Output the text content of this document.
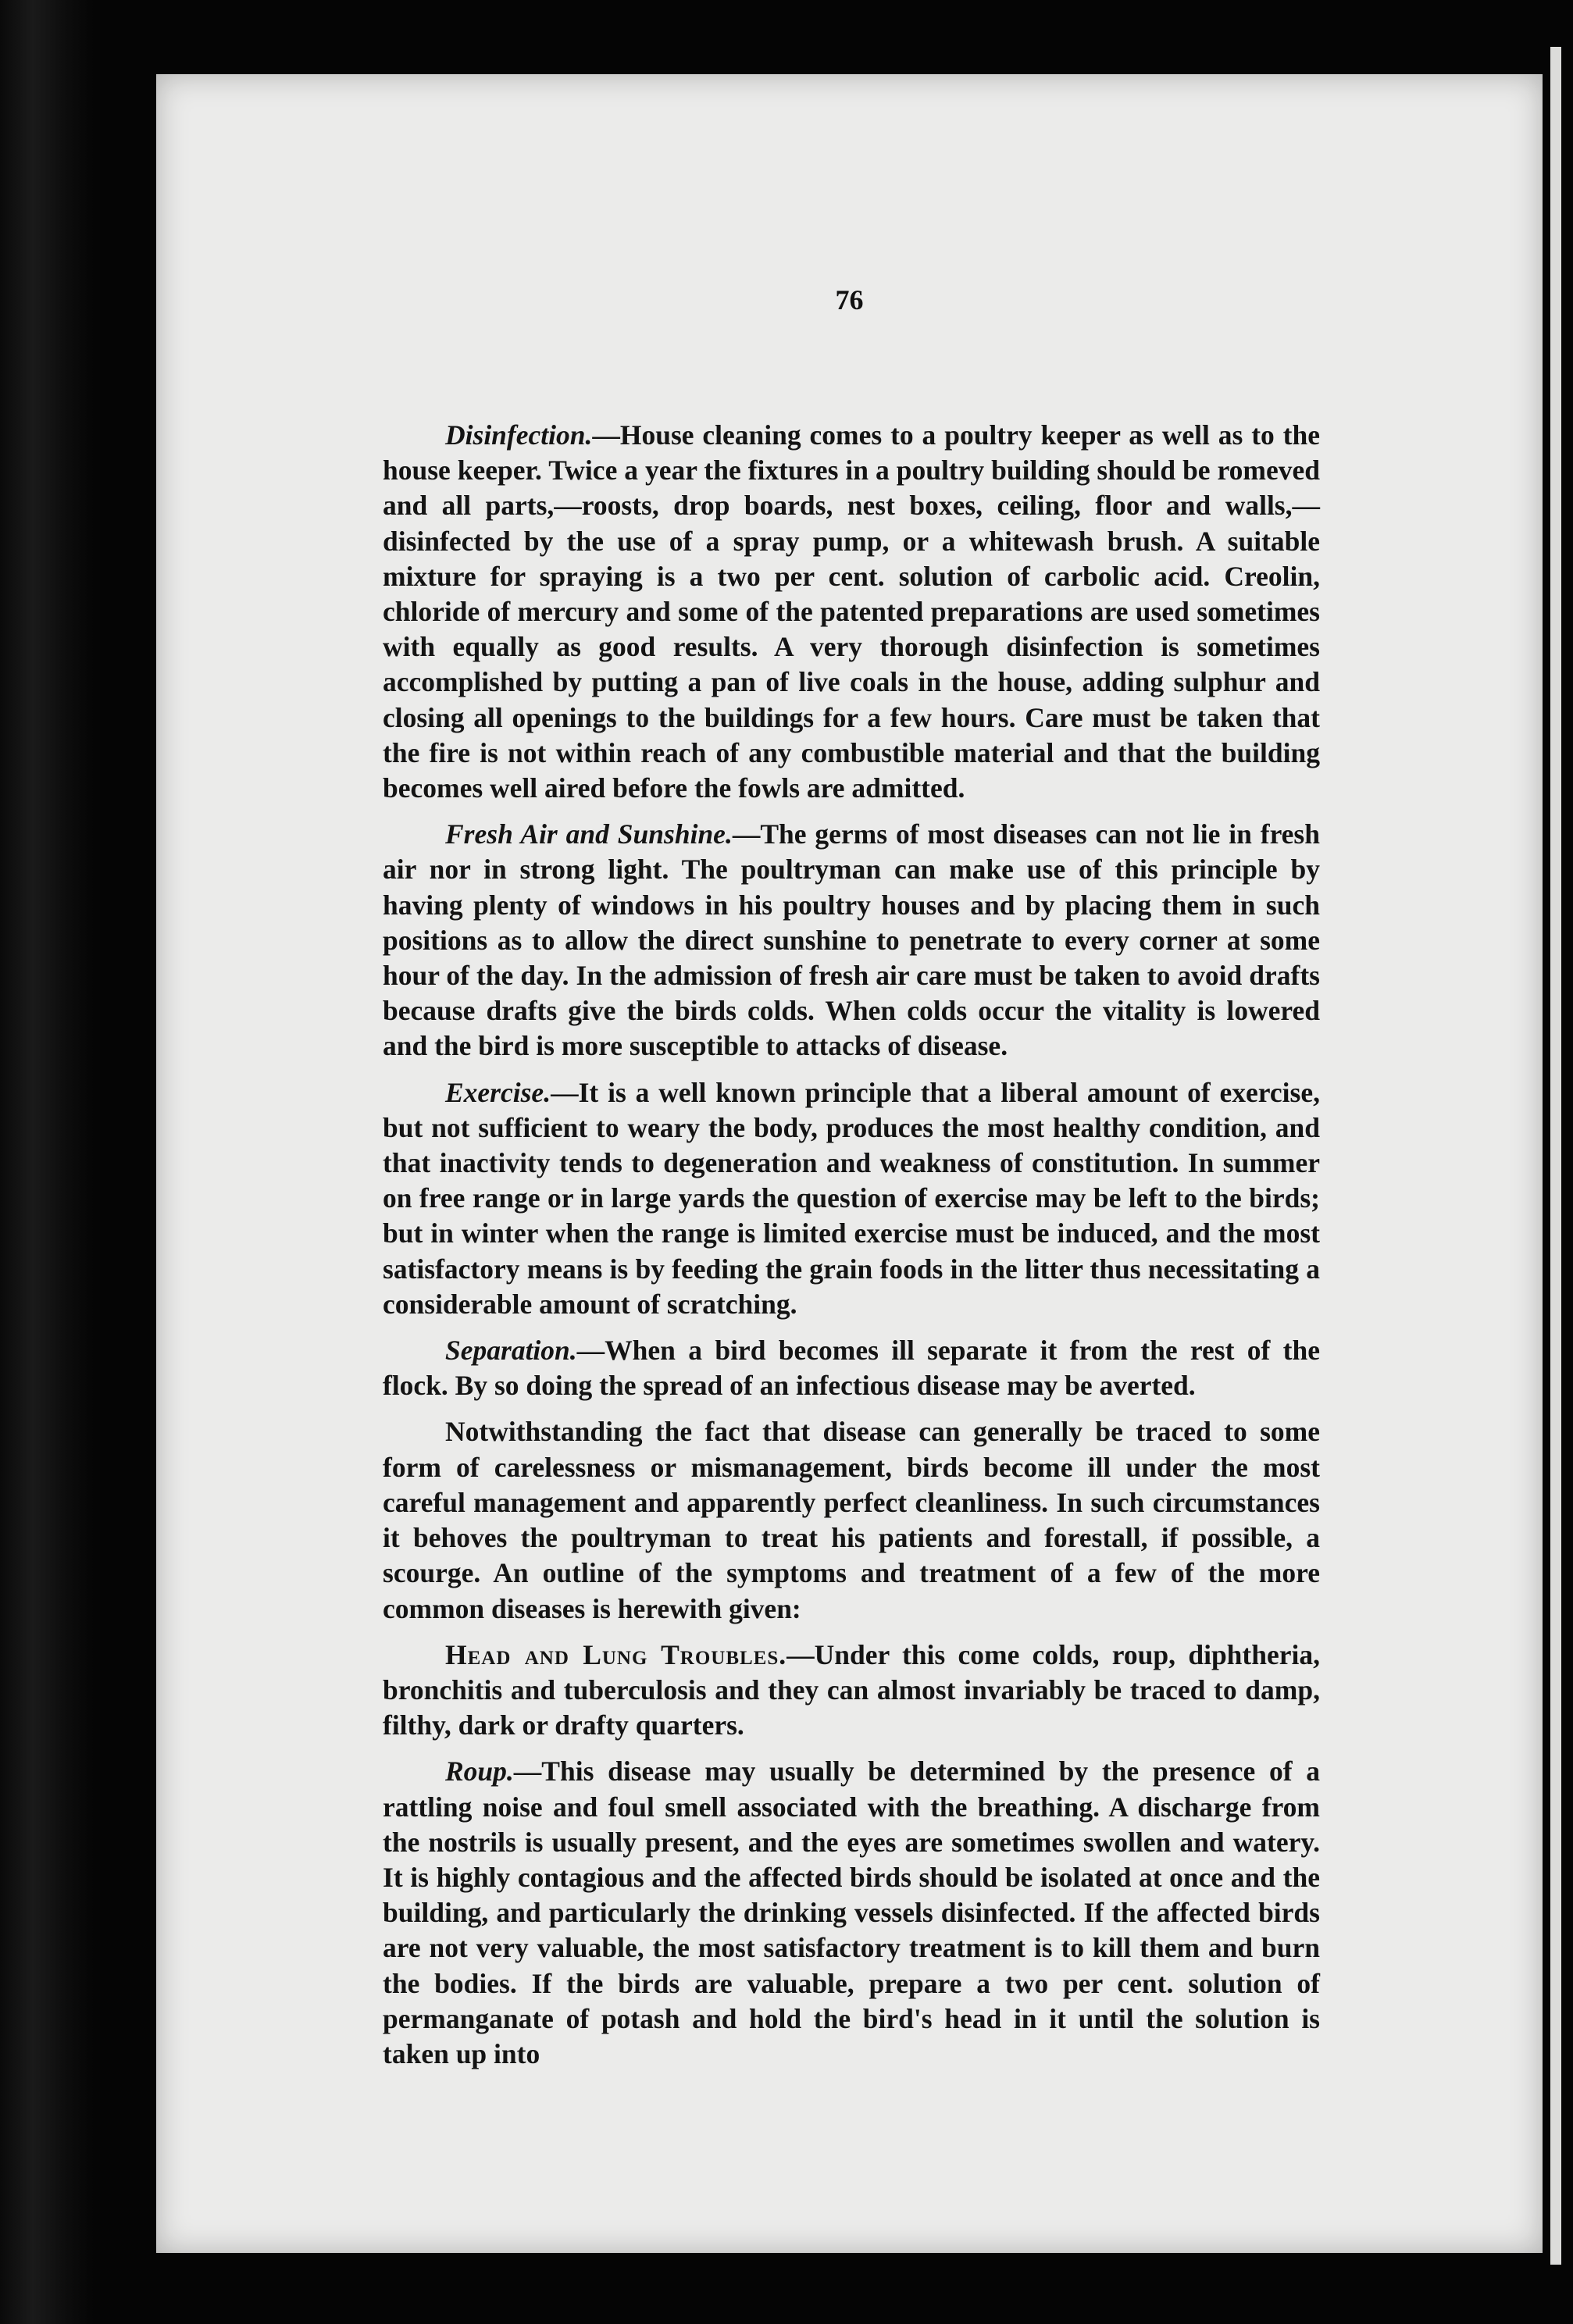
76

Disinfection.—House cleaning comes to a poultry keeper as well as to the house keeper. Twice a year the fixtures in a poultry building should be romeved and all parts,—roosts, drop boards, nest boxes, ceiling, floor and walls,—disinfected by the use of a spray pump, or a whitewash brush. A suitable mixture for spraying is a two per cent. solution of carbolic acid. Creolin, chloride of mercury and some of the patented preparations are used sometimes with equally as good results. A very thorough disinfection is sometimes accomplished by putting a pan of live coals in the house, adding sulphur and closing all openings to the buildings for a few hours. Care must be taken that the fire is not within reach of any combustible material and that the building becomes well aired before the fowls are admitted.

Fresh Air and Sunshine.—The germs of most diseases can not lie in fresh air nor in strong light. The poultryman can make use of this principle by having plenty of windows in his poultry houses and by placing them in such positions as to allow the direct sunshine to penetrate to every corner at some hour of the day. In the admission of fresh air care must be taken to avoid drafts because drafts give the birds colds. When colds occur the vitality is lowered and the bird is more susceptible to attacks of disease.

Exercise.—It is a well known principle that a liberal amount of exercise, but not sufficient to weary the body, produces the most healthy condition, and that inactivity tends to degeneration and weakness of constitution. In summer on free range or in large yards the question of exercise may be left to the birds; but in winter when the range is limited exercise must be induced, and the most satisfactory means is by feeding the grain foods in the litter thus necessitating a considerable amount of scratching.

Separation.—When a bird becomes ill separate it from the rest of the flock. By so doing the spread of an infectious disease may be averted.

Notwithstanding the fact that disease can generally be traced to some form of carelessness or mismanagement, birds become ill under the most careful management and apparently perfect cleanliness. In such circumstances it behoves the poultryman to treat his patients and forestall, if possible, a scourge. An outline of the symptoms and treatment of a few of the more common diseases is herewith given:

Head and Lung Troubles.—Under this come colds, roup, diphtheria, bronchitis and tuberculosis and they can almost invariably be traced to damp, filthy, dark or drafty quarters.

Roup.—This disease may usually be determined by the presence of a rattling noise and foul smell associated with the breathing. A discharge from the nostrils is usually present, and the eyes are sometimes swollen and watery. It is highly contagious and the affected birds should be isolated at once and the building, and particularly the drinking vessels disinfected. If the affected birds are not very valuable, the most satisfactory treatment is to kill them and burn the bodies. If the birds are valuable, prepare a two per cent. solution of permanganate of potash and hold the bird's head in it until the solution is taken up into
